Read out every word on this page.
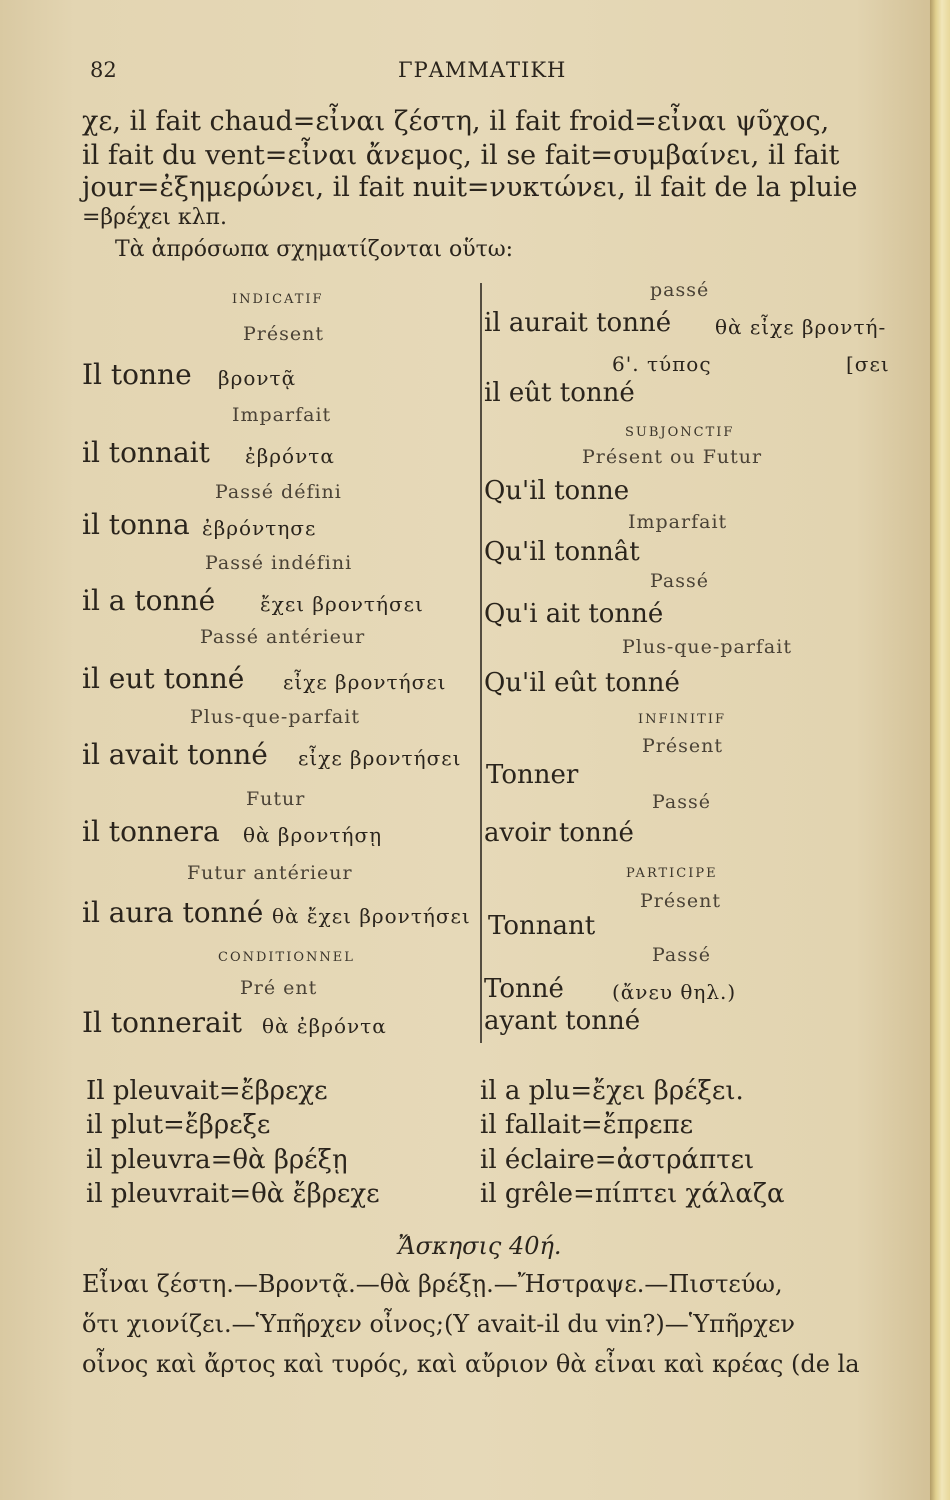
82	ΓΡΑΜΜΑΤΙΚΗ
χε, il fait chaud=εἶναι ζέστη, il fait froid=εἶναι ψῦχος,
il fait du vent=εἶναι ἄνεμος, il se fait=συμβαίνει, il fait
jour=ἐξημερώνει, il fait nuit=νυκτώνει, il fait de la pluie
=βρέχει κλπ.
Τὰ ἀπρόσωπα σχηματίζονται οὕτω:
INDICATIF
Présent
Il tonne βροντᾷ
Imparfait
il tonnait ἐβρόντα
Passé défini
il tonna ἐβρόντησε
Passé indéfini
il a tonné ἔχει βροντήσει
Passé antérieur
il eut tonné εἶχε βροντήσει
Plus-que-parfait
il avait tonné εἶχε βροντήσει
Futur
il tonnera θὰ βροντήσῃ
Futur antérieur
il aura tonné θὰ ἔχει βροντήσει
CONDITIONNEL
Pré ent
Il tonnerait θὰ ἐβρόντα
passé
il aurait tonné θὰ εἶχε βροντή-
6'. τύπος	[σει
il eût tonné
SUBJONCTIF
Présent ou Futur
Qu'il tonne
Imparfait
Qu'il tonnât
Passé
Qu'i ait tonné
Plus-que-parfait
Qu'il eût tonné
INFINITIF
Présent
Tonner
Passé
avoir tonné
PARTICIPE
Présent
Tonnant
Passé
Tonné (ἄνευ θηλ.)
ayant tonné
Il pleuvait=ἔβρεχε
il plut=ἔβρεξε
il pleuvra=θὰ βρέξῃ
il pleuvrait=θὰ ἔβρεχε
il a plu=ἔχει βρέξει.
il fallait=ἔπρεπε
il éclaire=ἀστράπτει
il grêle=πίπτει χάλαζα
Ἄσκησις 40ή.
Εἶναι ζέστη.—Βροντᾷ.—θὰ βρέξῃ.—Ἤστραψε.—Πιστεύω,
ὅτι χιονίζει.—Ὑπῆρχεν οἶνος;(Y avait-il du vin?)—Ὑπῆρχεν
οἶνος καὶ ἄρτος καὶ τυρός, καὶ αὔριον θὰ εἶναι καὶ κρέας (de la
